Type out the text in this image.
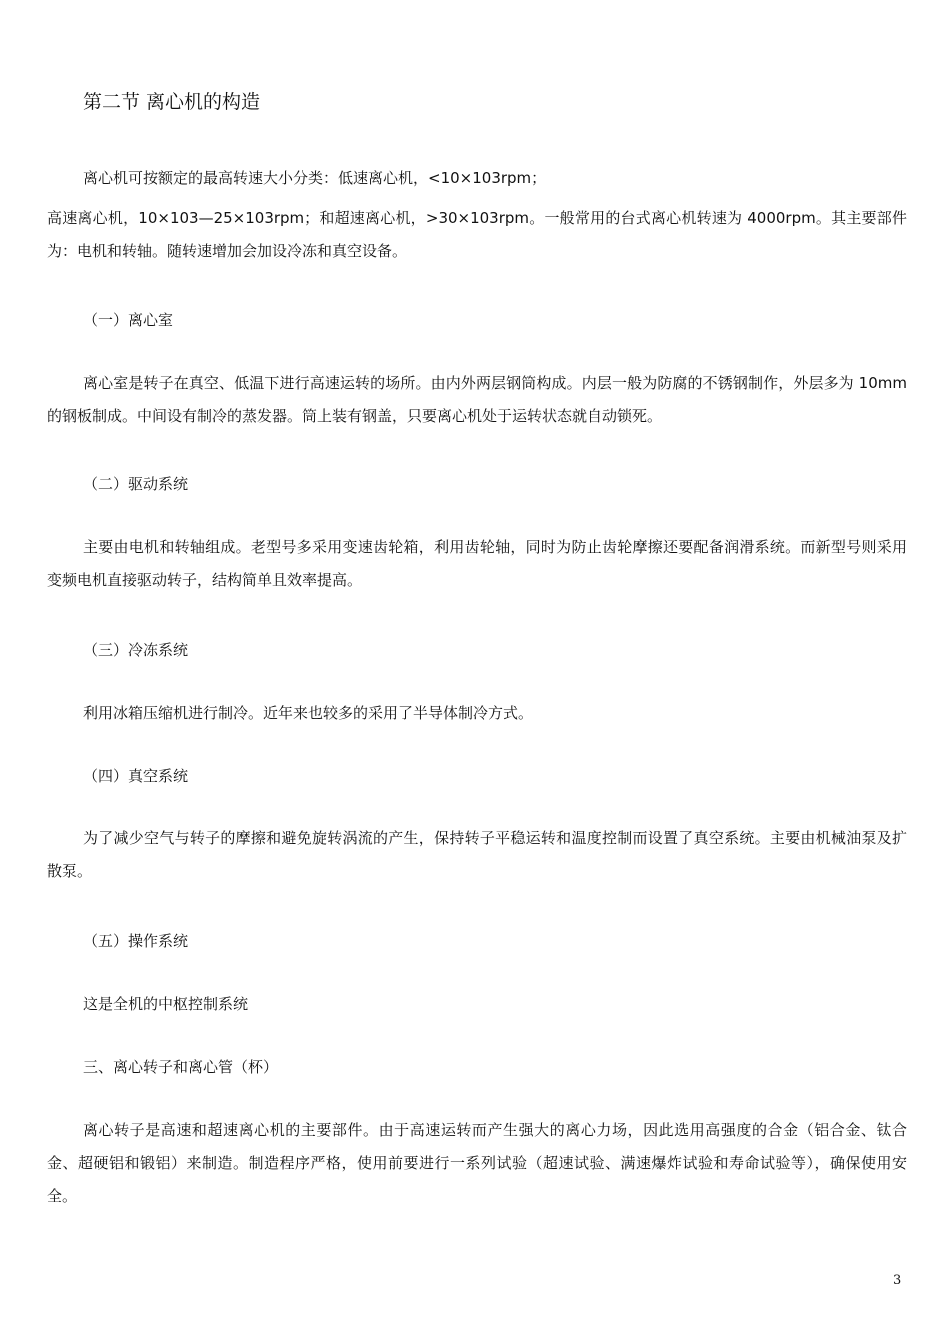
第二节 离心机的构造

离心机可按额定的最高转速大小分类：低速离心机，<10×103rpm；

高速离心机，10×103—25×103rpm；和超速离心机，>30×103rpm。一般常用的台式离心机转速为 4000rpm。其主要部件为：电机和转轴。随转速增加会加设冷冻和真空设备。

（一）离心室

离心室是转子在真空、低温下进行高速运转的场所。由内外两层钢筒构成。内层一般为防腐的不锈钢制作，外层多为 10mm 的钢板制成。中间设有制冷的蒸发器。筒上装有钢盖，只要离心机处于运转状态就自动锁死。

（二）驱动系统

主要由电机和转轴组成。老型号多采用变速齿轮箱，利用齿轮轴，同时为防止齿轮摩擦还要配备润滑系统。而新型号则采用变频电机直接驱动转子，结构简单且效率提高。

（三）冷冻系统

利用冰箱压缩机进行制冷。近年来也较多的采用了半导体制冷方式。

（四）真空系统

为了减少空气与转子的摩擦和避免旋转涡流的产生，保持转子平稳运转和温度控制而设置了真空系统。主要由机械油泵及扩散泵。

（五）操作系统

这是全机的中枢控制系统

三、离心转子和离心管（杯）

离心转子是高速和超速离心机的主要部件。由于高速运转而产生强大的离心力场，因此选用高强度的合金（铝合金、钛合金、超硬铝和锻铝）来制造。制造程序严格，使用前要进行一系列试验（超速试验、满速爆炸试验和寿命试验等），确保使用安全。

3
